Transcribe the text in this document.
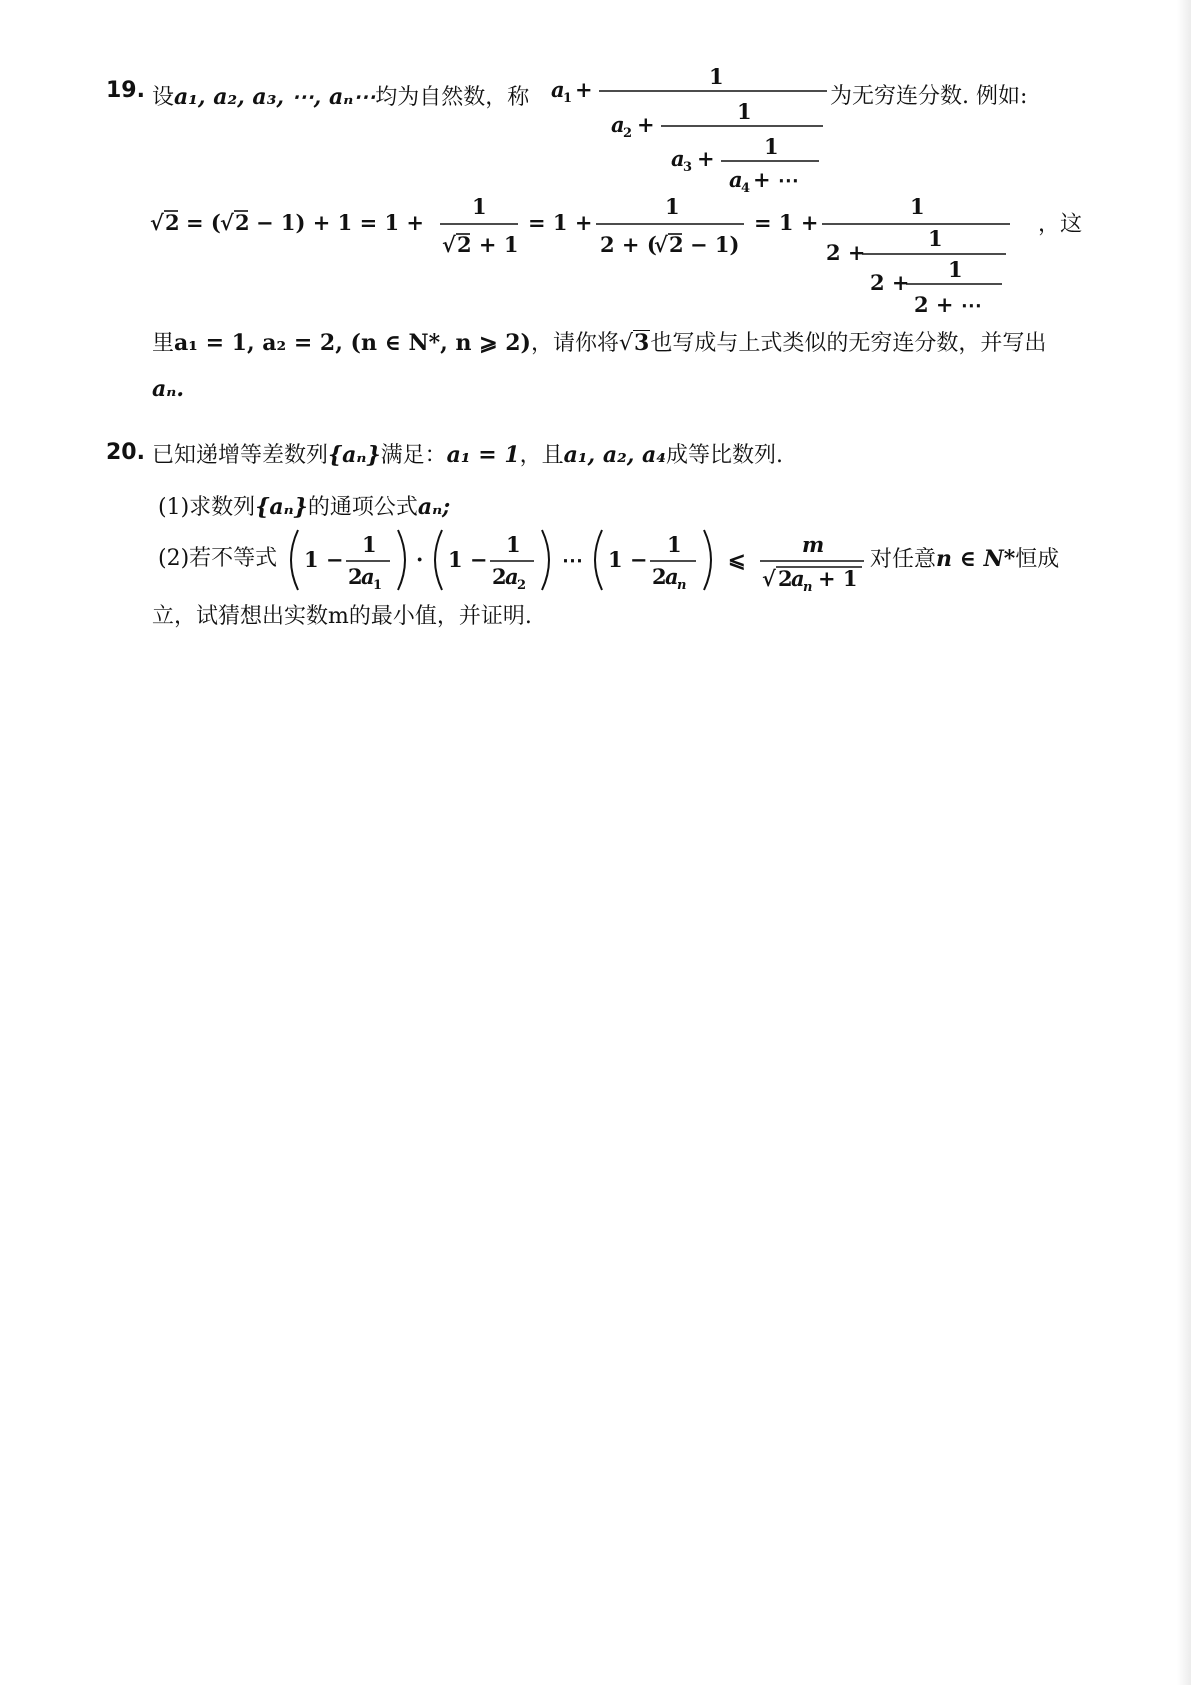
19. 设a₁, a₂, a₃, ⋯, aₙ⋯均为自然数，称 a
1 +
1
a
2 +
1
a
3 + 1
a
4 + ⋯
为无穷连分数. 例如:
√ 2 = ( √ 2 − 1) + 1 = 1 +
1
√ 2 + 1
= 1 +
1
2 + (
√ 2 − 1)
= 1 +
1
2 +
1
2 +
1
2 + ⋯
，这
里a₁ = 1, a₂ = 2, (n ∈ N*, n ⩾ 2)，请你将 √ 3 也写成与上式类似的无穷连分数，并写出
aₙ.
20. 已知递增等差数列{aₙ}满足：a₁ = 1，且a₁, a₂, a₄成等比数列.
(1)求数列{aₙ}的通项公式aₙ;
(2)若不等式 1 −
1
2
a
1
· 1 −
1
2
a
2
⋯ 1 −
1
2
a
n
⩽
m
√ 2
a
n + 1
对任意n ∈ N*恒成
立，试猜想出实数m的最小值，并证明.
